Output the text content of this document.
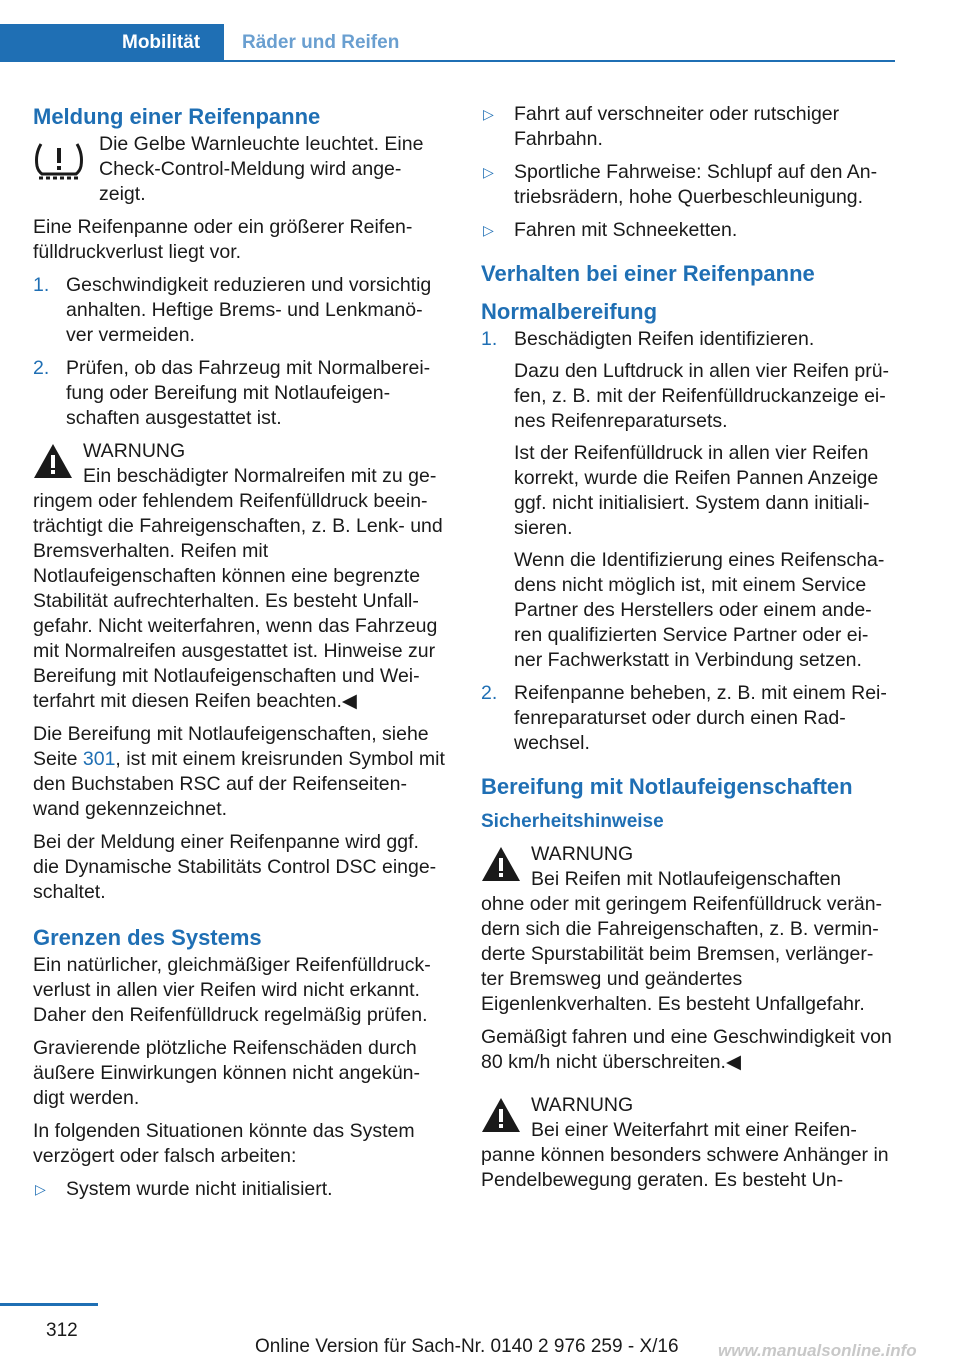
Mobilität	Räder und Reifen
Meldung einer Reifenpanne

Die Gelbe Warnleuchte leuchtet. Eine Check-Control-Meldung wird ange‐ zeigt.

Eine Reifenpanne oder ein größerer Reifen‐ fülldruckverlust liegt vor.

1. Geschwindigkeit reduzieren und vorsichtig anhalten. Heftige Brems- und Lenkmanö‐ ver vermeiden.
2. Prüfen, ob das Fahrzeug mit Normalberei‐ fung oder Bereifung mit Notlaufeigen‐ schaften ausgestattet ist.

WARNUNG

Ein beschädigter Normalreifen mit zu ge‐

ringem oder fehlendem Reifenfülldruck beein‐ trächtigt die Fahreigenschaften, z. B. Lenk- und Bremsverhalten. Reifen mit Notlaufeigenschaften können eine begrenzte Stabilität aufrechterhalten. Es besteht Unfall‐ gefahr. Nicht weiterfahren, wenn das Fahrzeug mit Normalreifen ausgestattet ist. Hinweise zur Bereifung mit Notlaufeigenschaften und Wei‐ terfahrt mit diesen Reifen beachten.◀

Die Bereifung mit Notlaufeigenschaften, siehe Seite 301, ist mit einem kreisrunden Symbol mit den Buchstaben RSC auf der Reifenseiten‐ wand gekennzeichnet.

Bei der Meldung einer Reifenpanne wird ggf. die Dynamische Stabilitäts Control DSC einge‐ schaltet.

Grenzen des Systems

Ein natürlicher, gleichmäßiger Reifenfülldruck‐ verlust in allen vier Reifen wird nicht erkannt. Daher den Reifenfülldruck regelmäßig prüfen.

Gravierende plötzliche Reifenschäden durch äußere Einwirkungen können nicht angekün‐ digt werden.

In folgenden Situationen könnte das System verzögert oder falsch arbeiten:

▷ System wurde nicht initialisiert.
▷ Fahrt auf verschneiter oder rutschiger Fahrbahn.
▷ Sportliche Fahrweise: Schlupf auf den An‐ triebsrädern, hohe Querbeschleunigung.
▷ Fahren mit Schneeketten.
Verhalten bei einer Reifenpanne
Normalbereifung
1. Beschädigten Reifen identifizieren.

Dazu den Luftdruck in allen vier Reifen prü‐ fen, z. B. mit der Reifenfülldruckanzeige ei‐ nes Reifenreparatursets.

Ist der Reifenfülldruck in allen vier Reifen korrekt, wurde die Reifen Pannen Anzeige ggf. nicht initialisiert. System dann initiali‐ sieren.

Wenn die Identifizierung eines Reifenscha‐ dens nicht möglich ist, mit einem Service Partner des Herstellers oder einem ande‐ ren qualifizierten Service Partner oder ei‐ ner Fachwerkstatt in Verbindung setzen.

2. Reifenpanne beheben, z. B. mit einem Rei‐ fenreparaturset oder durch einen Rad‐ wechsel.

Bereifung mit Notlaufeigenschaften
Sicherheitshinweise

WARNUNG

Bei Reifen mit Notlaufeigenschaften

ohne oder mit geringem Reifenfülldruck verän‐ dern sich die Fahreigenschaften, z. B. vermin‐ derte Spurstabilität beim Bremsen, verlänger‐ ter Bremsweg und geändertes Eigenlenkverhalten. Es besteht Unfallgefahr.

Gemäßigt fahren und eine Geschwindigkeit von 80 km/h nicht überschreiten.◀

WARNUNG

Bei einer Weiterfahrt mit einer Reifen‐

panne können besonders schwere Anhänger in Pendelbewegung geraten. Es besteht Un‐

312
Online Version für Sach-Nr. 0140 2 976 259 - X/16 www.manualsonline.info
